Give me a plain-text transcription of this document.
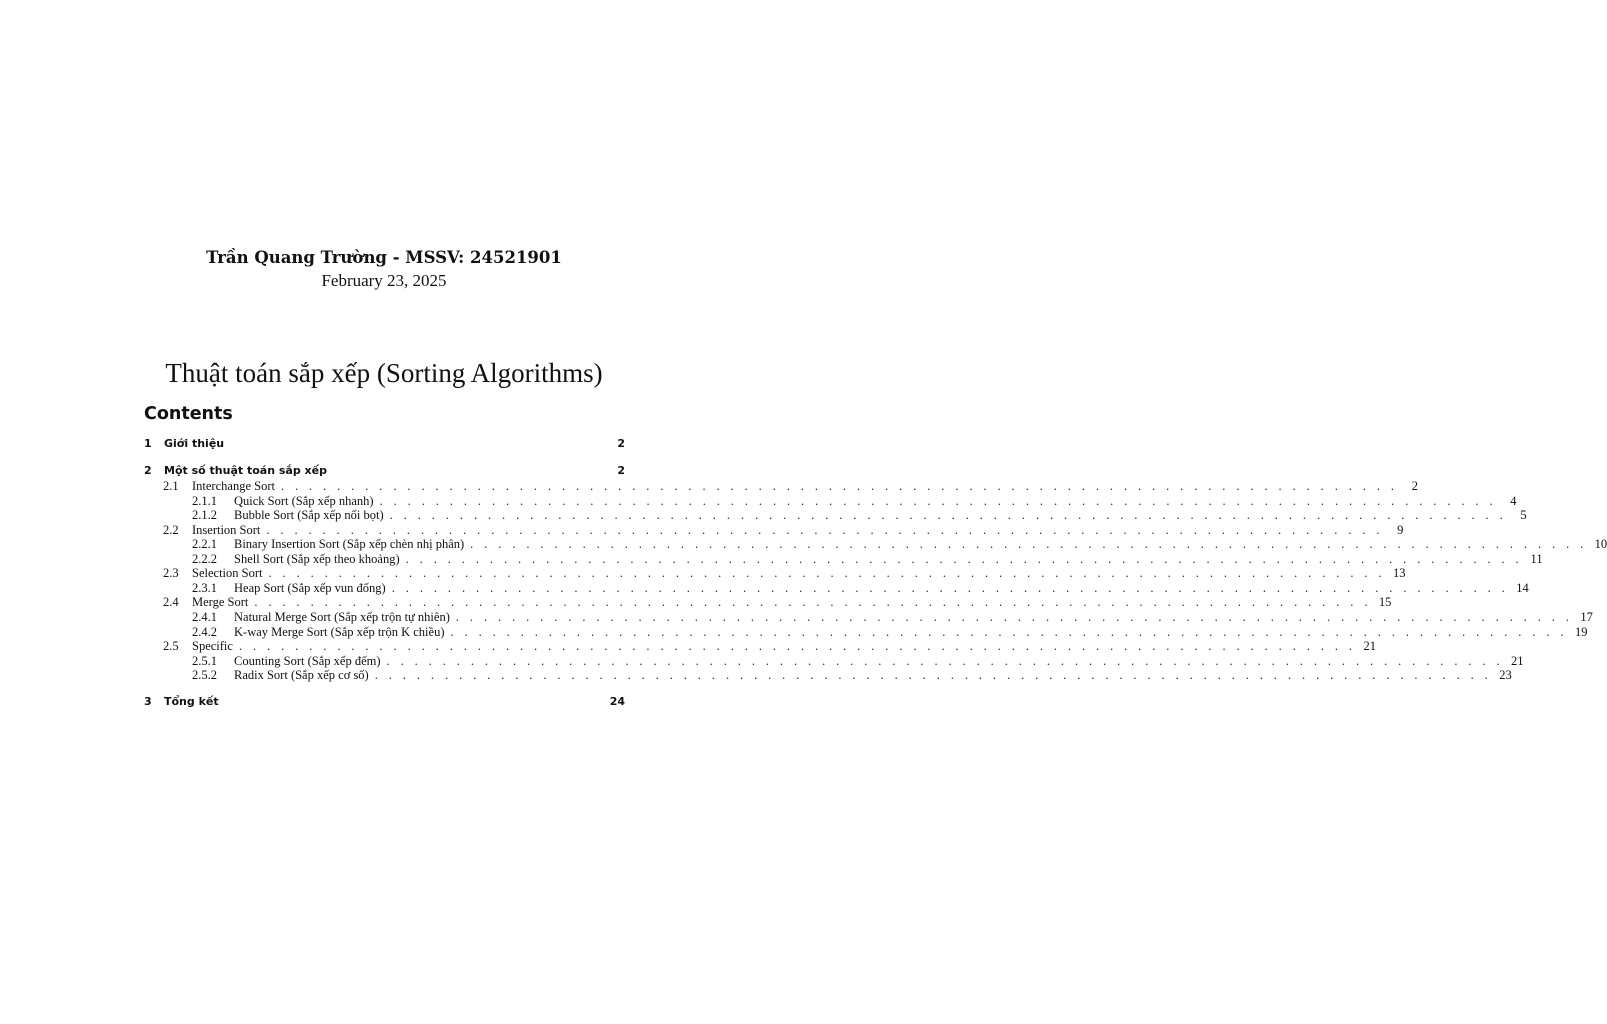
Trần Quang Trường - MSSV: 24521901
February 23, 2025
Thuật toán sắp xếp (Sorting Algorithms)
Contents
1	Giới thiệu	2
2	Một số thuật toán sắp xếp	2
2.1	Interchange Sort . . . . . . . . . . . . . . . . . . . . . . . . . . . . . . . . . . . . . . . . . . . . . . . . . . . . . . . . . . . . . . . . . . . . . . . . . . . . . . . .	2
2.1.1	Quick Sort (Sắp xếp nhanh) . . . . . . . . . . . . . . . . . . . . . . . . . . . . . . . . . . . . . . . . . . . . . . . . . . . . . . . . . . . . . . . . . . . . . . . . . . . . . . . .	4
2.1.2	Bubble Sort (Sắp xếp nổi bọt) . . . . . . . . . . . . . . . . . . . . . . . . . . . . . . . . . . . . . . . . . . . . . . . . . . . . . . . . . . . . . . . . . . . . . . . . . . . . . . . .	5
2.2	Insertion Sort . . . . . . . . . . . . . . . . . . . . . . . . . . . . . . . . . . . . . . . . . . . . . . . . . . . . . . . . . . . . . . . . . . . . . . . . . . . . . . . .	9
2.2.1	Binary Insertion Sort (Sắp xếp chèn nhị phân) . . . . . . . . . . . . . . . . . . . . . . . . . . . . . . . . . . . . . . . . . . . . . . . . . . . . . . . . . . . . . . . . . . . . . . . . . . . . . . . . 10
2.2.2	Shell Sort (Sắp xếp theo khoảng) . . . . . . . . . . . . . . . . . . . . . . . . . . . . . . . . . . . . . . . . . . . . . . . . . . . . . . . . . . . . . . . . . . . . . . . . . . . . . . . . 11
2.3	Selection Sort . . . . . . . . . . . . . . . . . . . . . . . . . . . . . . . . . . . . . . . . . . . . . . . . . . . . . . . . . . . . . . . . . . . . . . . . . . . . . . . . 13
2.3.1	Heap Sort (Sắp xếp vun đống) . . . . . . . . . . . . . . . . . . . . . . . . . . . . . . . . . . . . . . . . . . . . . . . . . . . . . . . . . . . . . . . . . . . . . . . . . . . . . . . . 14
2.4	Merge Sort . . . . . . . . . . . . . . . . . . . . . . . . . . . . . . . . . . . . . . . . . . . . . . . . . . . . . . . . . . . . . . . . . . . . . . . . . . . . . . . . 15
2.4.1	Natural Merge Sort (Sắp xếp trộn tự nhiên) . . . . . . . . . . . . . . . . . . . . . . . . . . . . . . . . . . . . . . . . . . . . . . . . . . . . . . . . . . . . . . . . . . . . . . . . . . . . . . . . 17
2.4.2	K-way Merge Sort (Sắp xếp trộn K chiều) . . . . . . . . . . . . . . . . . . . . . . . . . . . . . . . . . . . . . . . . . . . . . . . . . . . . . . . . . . . . . . . . . . . . . . . . . . . . . . . . 19
2.5	Specific . . . . . . . . . . . . . . . . . . . . . . . . . . . . . . . . . . . . . . . . . . . . . . . . . . . . . . . . . . . . . . . . . . . . . . . . . . . . . . . . 21
2.5.1	Counting Sort (Sắp xếp đếm) . . . . . . . . . . . . . . . . . . . . . . . . . . . . . . . . . . . . . . . . . . . . . . . . . . . . . . . . . . . . . . . . . . . . . . . . . . . . . . . . 21
2.5.2	Radix Sort (Sắp xếp cơ số) . . . . . . . . . . . . . . . . . . . . . . . . . . . . . . . . . . . . . . . . . . . . . . . . . . . . . . . . . . . . . . . . . . . . . . . . . . . . . . . . 23
3	Tổng kết	24
